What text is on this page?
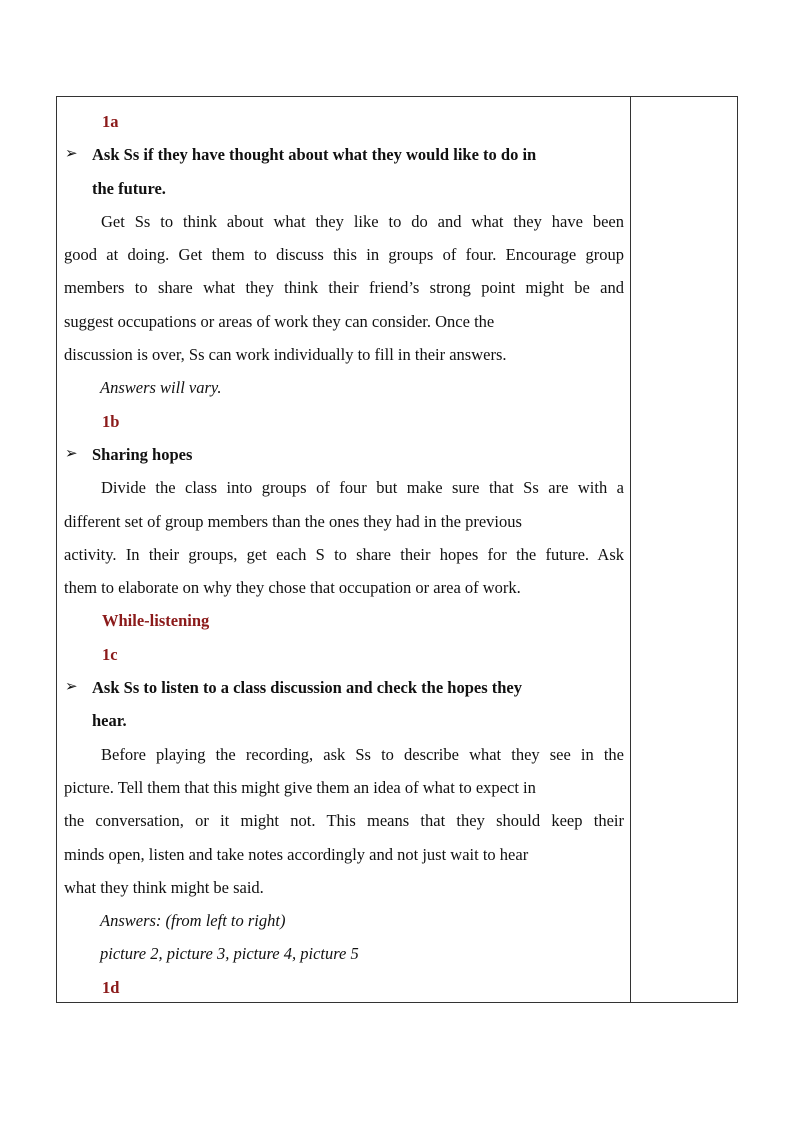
1a
➢ Ask Ss if they have thought about what they would like to do in
the future.
Get Ss to think about what they like to do and what they have been
good at doing. Get them to discuss this in groups of four. Encourage group
members to share what they think their friend’s strong point might be and
suggest occupations or areas of work they can consider. Once the
discussion is over, Ss can work individually to fill in their answers.
Answers will vary.
1b
➢ Sharing hopes
Divide the class into groups of four but make sure that Ss are with a
different set of group members than the ones they had in the previous
activity. In their groups, get each S to share their hopes for the future. Ask
them to elaborate on why they chose that occupation or area of work.
While-listening
1c
➢ Ask Ss to listen to a class discussion and check the hopes they
hear.
Before playing the recording, ask Ss to describe what they see in the
picture. Tell them that this might give them an idea of what to expect in
the conversation, or it might not. This means that they should keep their
minds open, listen and take notes accordingly and not just wait to hear
what they think might be said.
Answers: (from left to right)
picture 2, picture 3, picture 4, picture 5
1d
